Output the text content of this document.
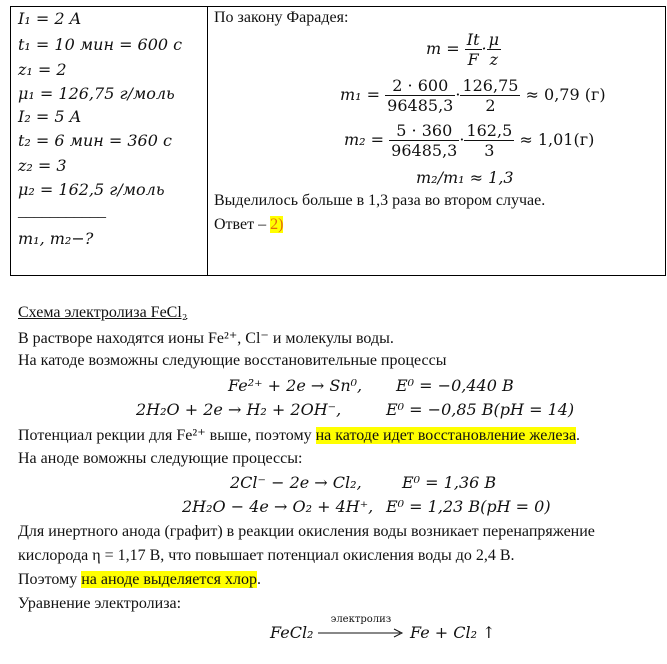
I₁ = 2 A
t₁ = 10 мин = 600 с
z₁ = 2
μ₁ = 126,75 г/моль
I₂ = 5 A
t₂ = 6 мин = 360 с
z₂ = 3
μ₂ = 162,5 г/моль
___________
m₁, m₂−?
По закону Фарадея:
$m = \frac{It}{F} \cdot \frac{\mu}{z}$
$m_1 = \frac{2 \cdot 600}{96485,3} \cdot \frac{126,75}{2} \approx 0,79$ (г)
$m_2 = \frac{5 \cdot 360}{96485,3} \cdot \frac{162,5}{3} \approx 1,01(г)$
m₂/m₁ ≈ 1,3
Выделилось больше в 1,3 раза во втором случае.
Ответ – 2)
Схема электролиза FeCl₂
В растворе находятся ионы Fe²⁺, Cl⁻ и молекулы воды.
На катоде возможны следующие восстановительные процессы
Fe²⁺ + 2e → Sn⁰, E⁰ = −0,440 B
2H₂O + 2e → H₂ + 2OH⁻,	E⁰ = −0,85 B(pH = 14)
Потенциал рекции для Fe²⁺ выше, поэтому на катоде идет восстановление железа.
На аноде воможны следующие процессы:
2Cl⁻ − 2e → Cl₂,	E⁰ = 1,36 B
2H₂O − 4e → O₂ + 4H⁺, E⁰ = 1,23 B(pH = 0)
Для инертного анода (графит) в реакции окисления воды возникает перенапряжение
кислорода η = 1,17 B, что повышает потенциал окисления воды до 2,4 В.
Поэтому на аноде выделяется хлор.
Уравнение электролиза:
FeCl₂
электролиз
Fe + Cl₂ ↑
